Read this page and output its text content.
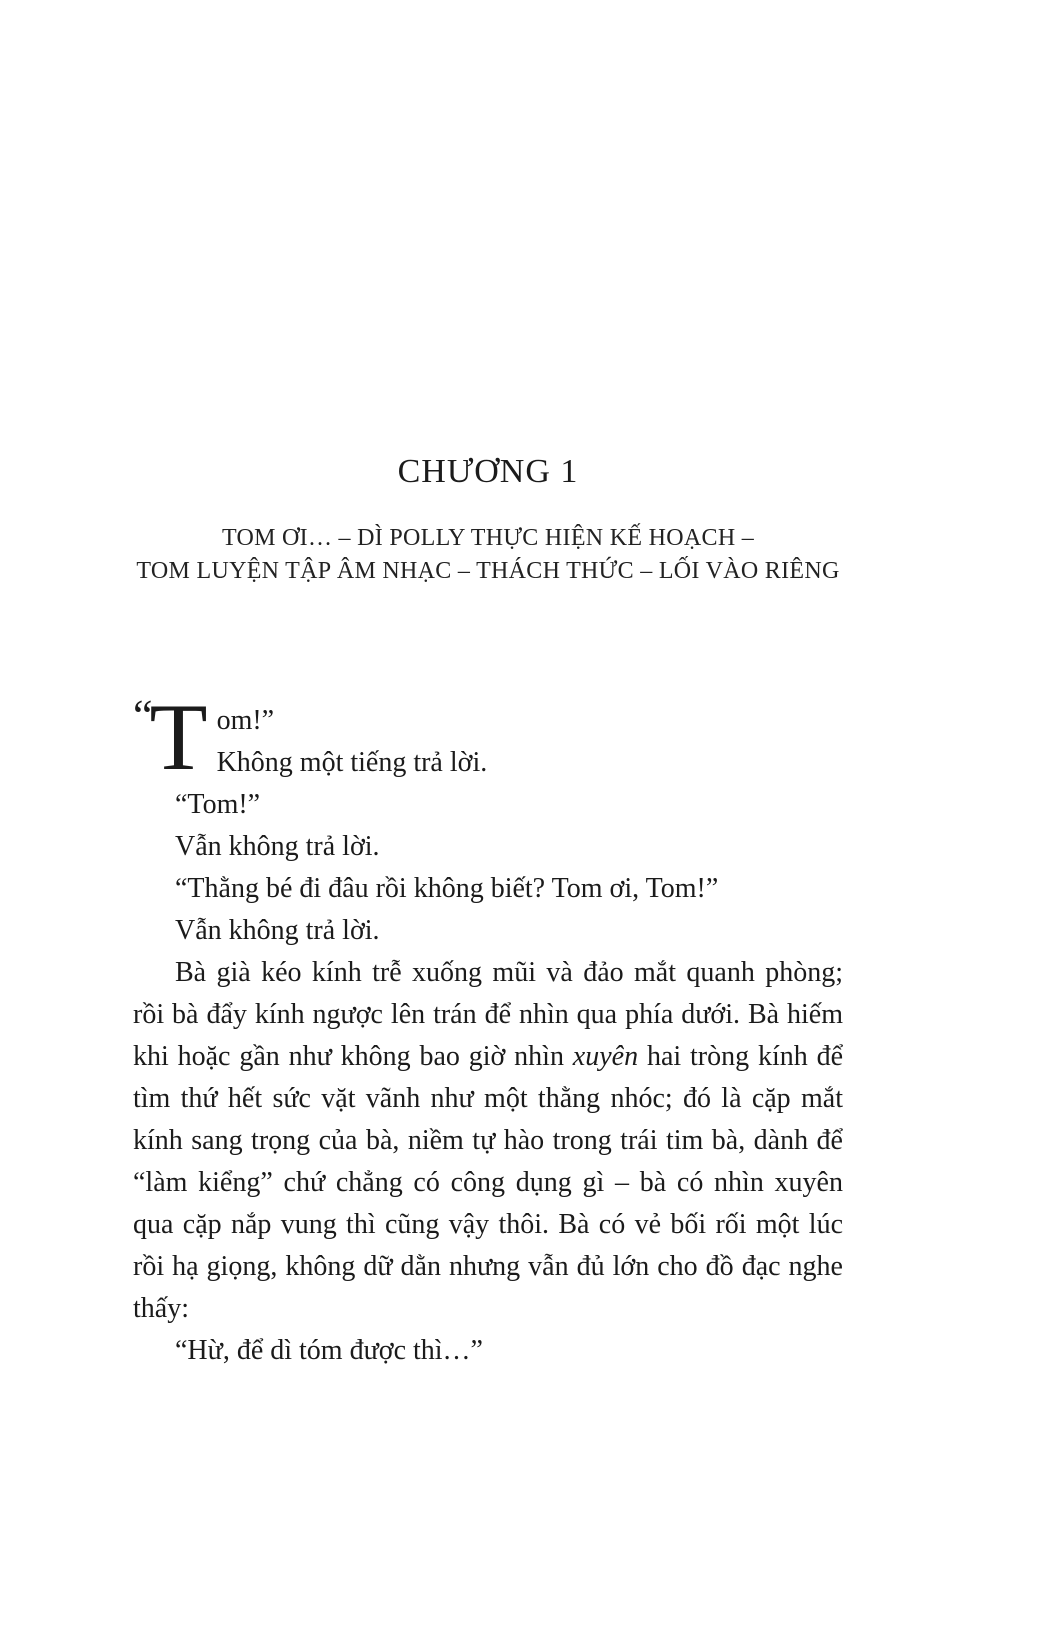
CHƯƠNG 1
TOM ƠI… – DÌ POLLY THỰC HIỆN KẾ HOẠCH –
TOM LUYỆN TẬP ÂM NHẠC – THÁCH THỨC – LỐI VÀO RIÊNG

“T om!”

Không một tiếng trả lời.

“Tom!”

Vẫn không trả lời.

“Thằng bé đi đâu rồi không biết? Tom ơi, Tom!”

Vẫn không trả lời.

Bà già kéo kính trễ xuống mũi và đảo mắt quanh phòng; rồi bà đẩy kính ngược lên trán để nhìn qua phía dưới. Bà hiếm khi hoặc gần như không bao giờ nhìn xuyên hai tròng kính để tìm thứ hết sức vặt vãnh như một thằng nhóc; đó là cặp mắt kính sang trọng của bà, niềm tự hào trong trái tim bà, dành để “làm kiểng” chứ chẳng có công dụng gì – bà có nhìn xuyên qua cặp nắp vung thì cũng vậy thôi. Bà có vẻ bối rối một lúc rồi hạ giọng, không dữ dằn nhưng vẫn đủ lớn cho đồ đạc nghe thấy:

“Hừ, để dì tóm được thì…”
